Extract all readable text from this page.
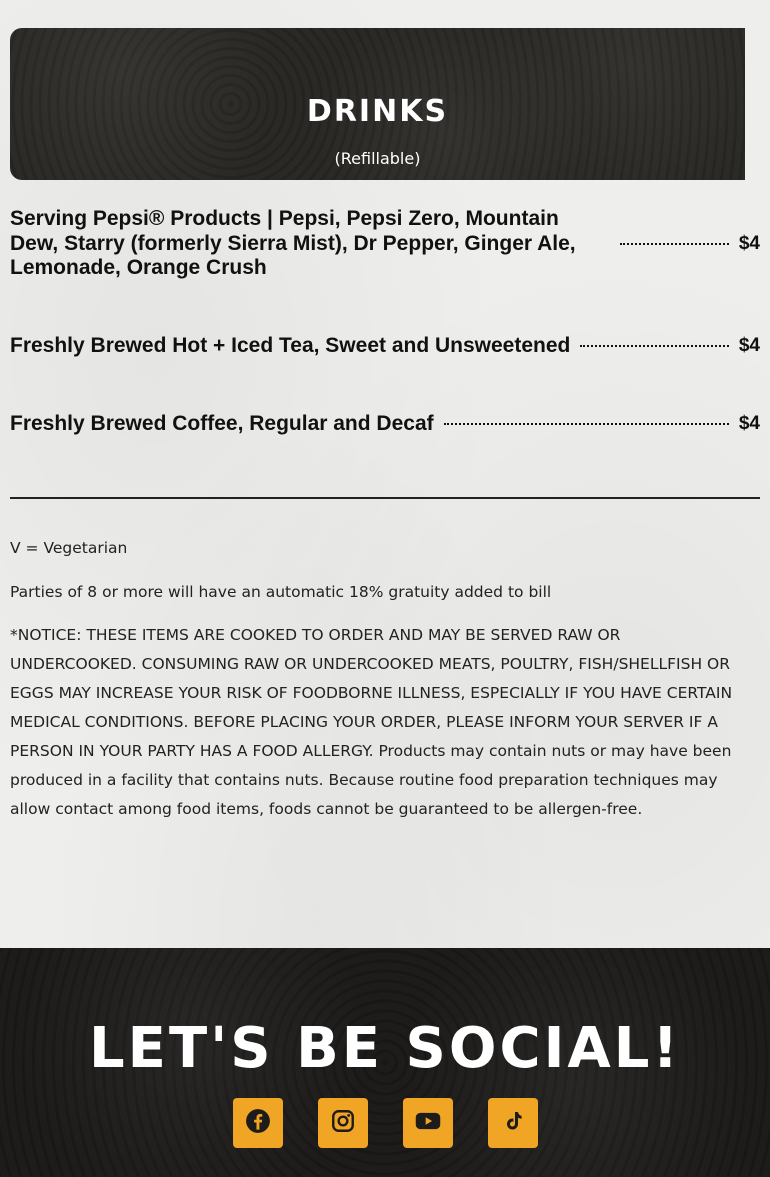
DRINKS
(Refillable)
Serving Pepsi® Products | Pepsi, Pepsi Zero, Mountain Dew, Starry (formerly Sierra Mist), Dr Pepper, Ginger Ale, Lemonade, Orange Crush
$4
Freshly Brewed Hot + Iced Tea, Sweet and Unsweetened	$4
Freshly Brewed Coffee, Regular and Decaf	$4
V = Vegetarian
Parties of 8 or more will have an automatic 18% gratuity added to bill
*NOTICE: THESE ITEMS ARE COOKED TO ORDER AND MAY BE SERVED RAW OR UNDERCOOKED. CONSUMING RAW OR UNDERCOOKED MEATS, POULTRY, FISH/SHELLFISH OR EGGS MAY INCREASE YOUR RISK OF FOODBORNE ILLNESS, ESPECIALLY IF YOU HAVE CERTAIN MEDICAL CONDITIONS. BEFORE PLACING YOUR ORDER, PLEASE INFORM YOUR SERVER IF A PERSON IN YOUR PARTY HAS A FOOD ALLERGY. Products may contain nuts or may have been produced in a facility that contains nuts. Because routine food preparation techniques may allow contact among food items, foods cannot be guaranteed to be allergen-free.
LET'S BE SOCIAL!
